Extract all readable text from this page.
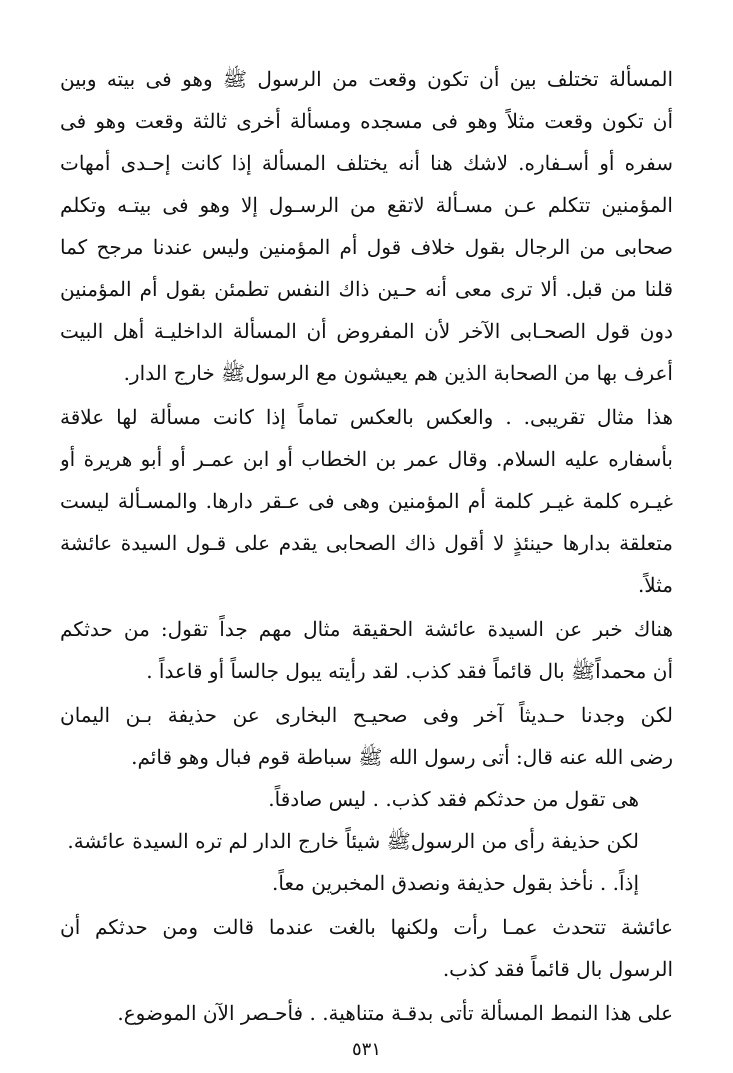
المسألة تختلف بين أن تكون وقعت من الرسول ﷺ وهو فى بيته وبين
أن تكون وقعت مثلاً وهو فى مسجده ومسألة أخرى ثالثة وقعت وهو فى
سفره أو أسـفاره. لاشك هنا أنه يختلف المسألة إذا كانت إحـدى أمهات
المؤمنين تتكلم عـن مسـألة لاتقع من الرسـول إلا وهو فى بيتـه وتكلم
صحابى من الرجال بقول خلاف قول أم المؤمنين وليس عندنا مرجح كما
قلنا من قبل. ألا ترى معى أنه حـين ذاك النفس تطمئن بقول أم المؤمنين
دون قول الصحـابى الآخر لأن المفروض أن المسألة الداخليـة أهل البيت
أعرف بها من الصحابة الذين هم يعيشون مع الرسولﷺ خارج الدار.
هذا مثال تقريبى. . والعكس بالعكس تماماً إذا كانت مسألة لها علاقة
بأسفاره عليه السلام. وقال عمر بن الخطاب أو ابن عمـر أو أبو هريرة أو
غيـره كلمة غيـر كلمة أم المؤمنين وهى فى عـقر دارها. والمسـألة ليست
متعلقة بدارها حينئذٍ لا أقول ذاك الصحابى يقدم على قـول السيدة عائشة
مثلاً.
هناك خبر عن السيدة عائشة الحقيقة مثال مهم جداً تقول: من حدثكم
أن محمداًﷺ بال قائماً فقد كذب. لقد رأيته يبول جالساً أو قاعداً .
لكن وجدنا حـديثاً آخر وفى صحيـح البخارى عن حذيفة بـن اليمان
رضى الله عنه قال: أتى رسول الله ﷺ سباطة قوم فبال وهو قائم.
هى تقول من حدثكم فقد كذب. . ليس صادقاً.
لكن حذيفة رأى من الرسولﷺ شيئاً خارج الدار لم تره السيدة عائشة.
إذاً. . نأخذ بقول حذيفة ونصدق المخبرين معاً.
عائشة تتحدث عمـا رأت ولكنها بالغت عندما قالت ومن حدثكم أن
الرسول بال قائماً فقد كذب.
على هذا النمط المسألة تأتى بدقـة متناهية. . فأحـصر الآن الموضوع.
٥٣١
